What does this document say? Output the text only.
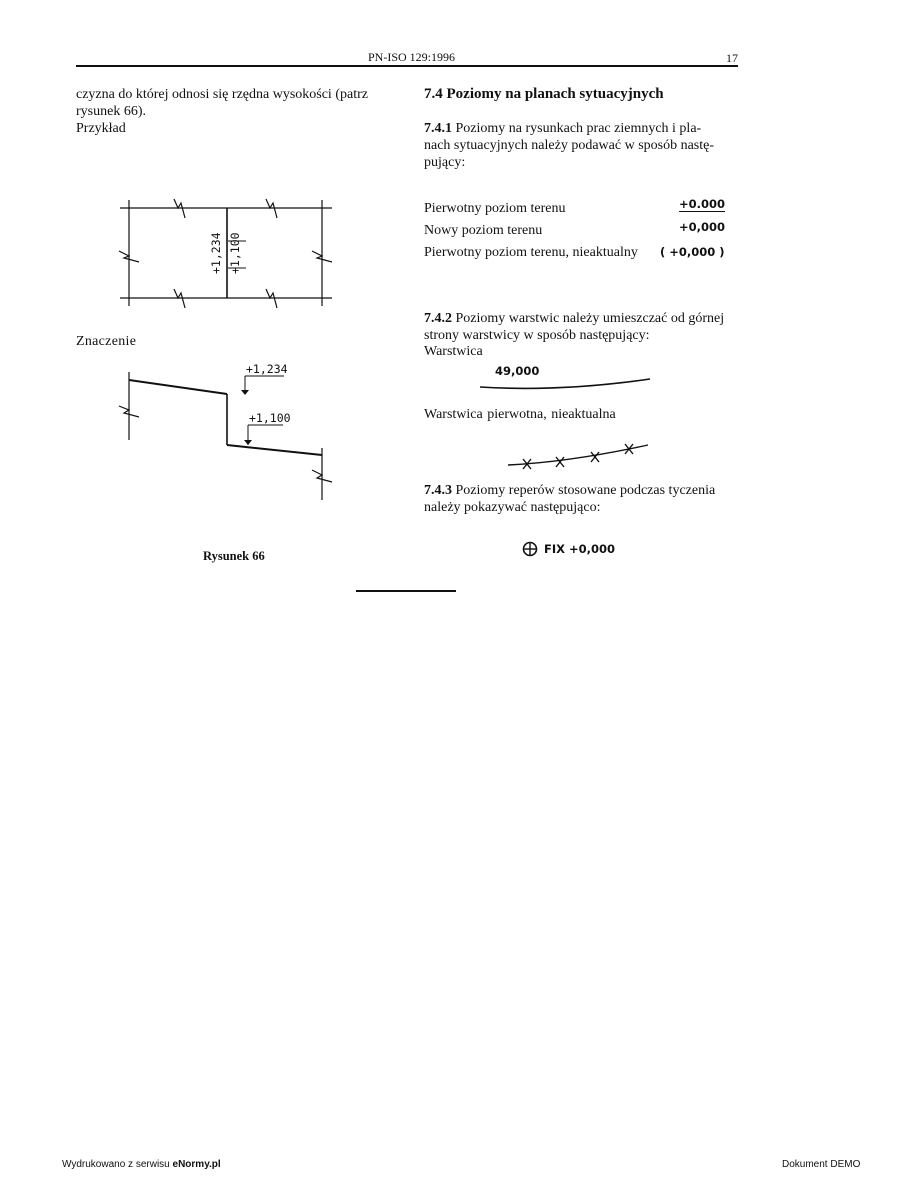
PN-ISO 129:1996	17
czyzna do której odnosi się rzędna wysokości (patrz
rysunek 66).
Przykład
+1,234 +1,100
Znaczenie
+1,234
+1,100
Rysunek 66
7.4 Poziomy na planach sytuacyjnych
7.4.1 Poziomy na rysunkach prac ziemnych i pla-
nach sytuacyjnych należy podawać w sposób nastę-
pujący:
Pierwotny poziom terenu	+0.000
Nowy poziom terenu	+0,000
Pierwotny poziom terenu, nieaktualny ( +0,000 )
7.4.2 Poziomy warstwic należy umieszczać od górnej
strony warstwicy w sposób następujący:
Warstwica
49,000
Warstwica pierwotna, nieaktualna
7.4.3 Poziomy reperów stosowane podczas tyczenia
należy pokazywać następująco:
FIX +0,000
Wydrukowano z serwisu eNormy.pl	Dokument DEMO
